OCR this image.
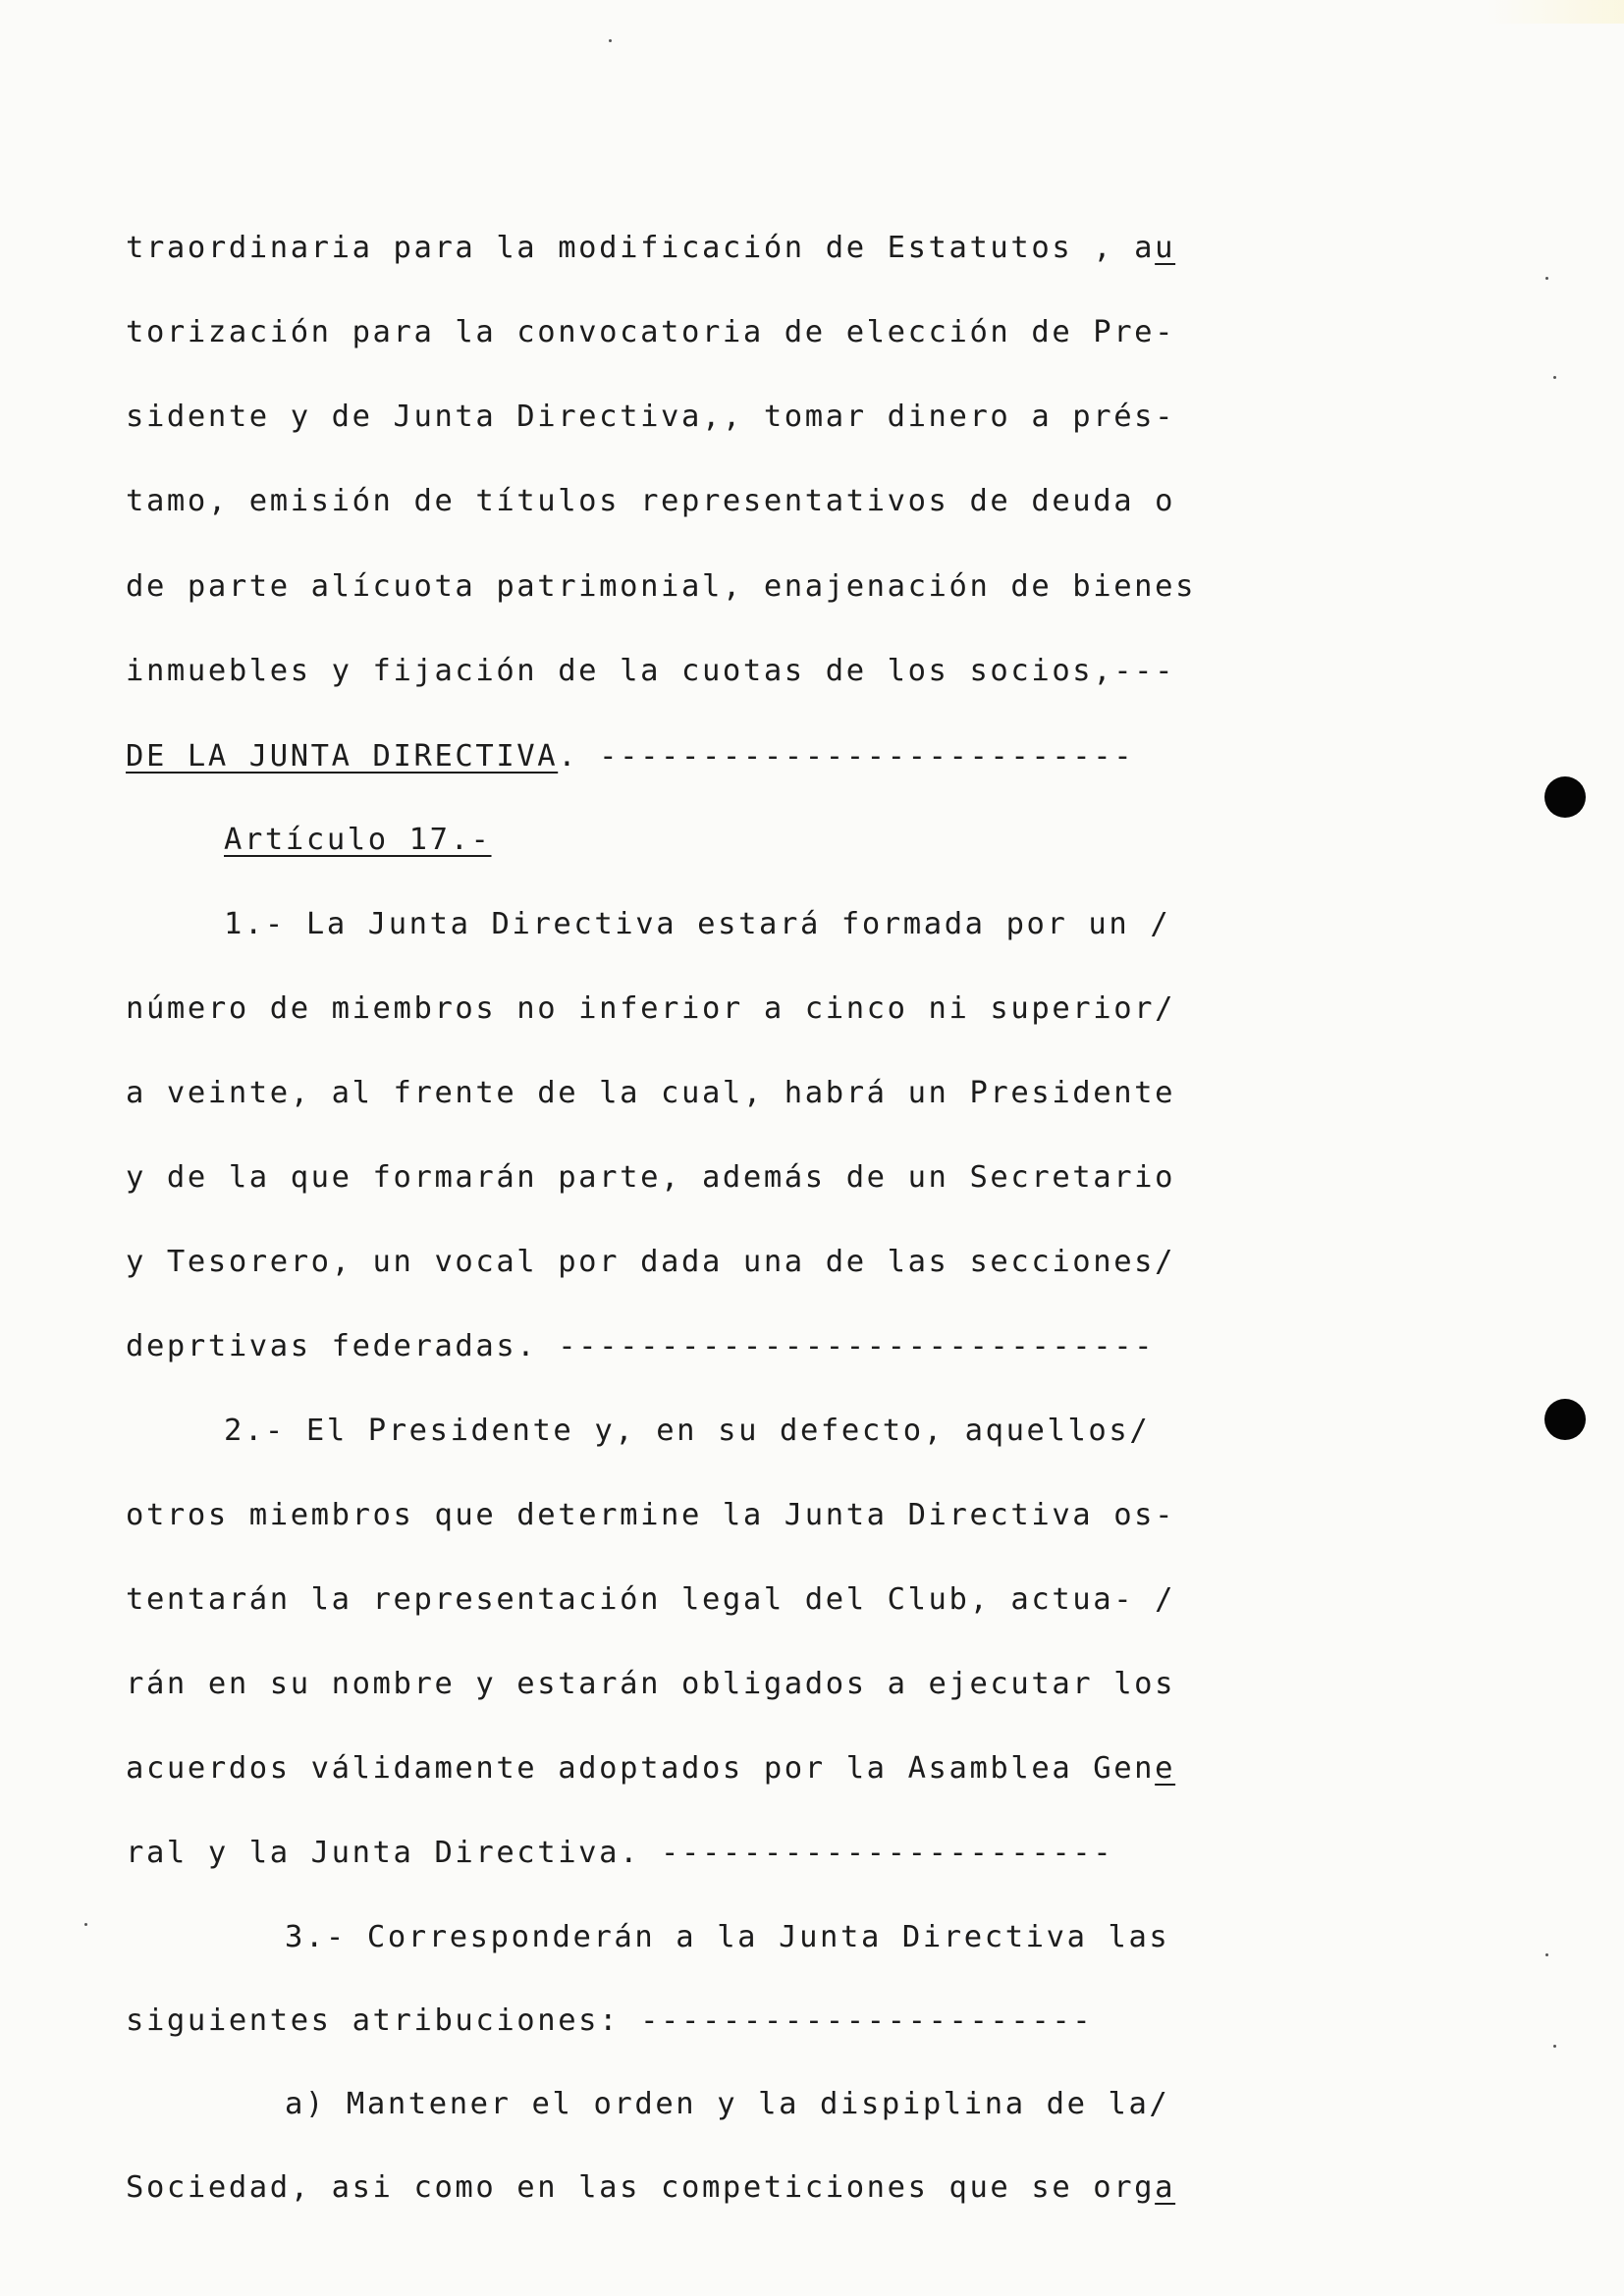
traordinaria para la modificación de Estatutos , au
torización para la convocatoria de elección de Pre-
sidente y de Junta Directiva,, tomar dinero a prés-
tamo, emisión de títulos representativos de deuda o
de parte alícuota patrimonial, enajenación de bienes
inmuebles y fijación de la cuotas de los socios,---
DE LA JUNTA DIRECTIVA. --------------------------
Artículo 17.-
1.- La Junta Directiva estará formada por un /
número de miembros no inferior a cinco ni superior/
a veinte, al frente de la cual, habrá un Presidente
y de la que formarán parte, además de un Secretario
y Tesorero, un vocal por dada una de las secciones/
deprtivas federadas. -----------------------------
2.- El Presidente y, en su defecto, aquellos/
otros miembros que determine la Junta Directiva os-
tentarán la representación legal del Club, actua- /
rán en su nombre y estarán obligados a ejecutar los
acuerdos válidamente adoptados por la Asamblea Gene
ral y la Junta Directiva. ----------------------
3.- Corresponderán a la Junta Directiva las
siguientes atribuciones: ----------------------
a) Mantener el orden y la dispiplina de la/
Sociedad, asi como en las competiciones que se orga
